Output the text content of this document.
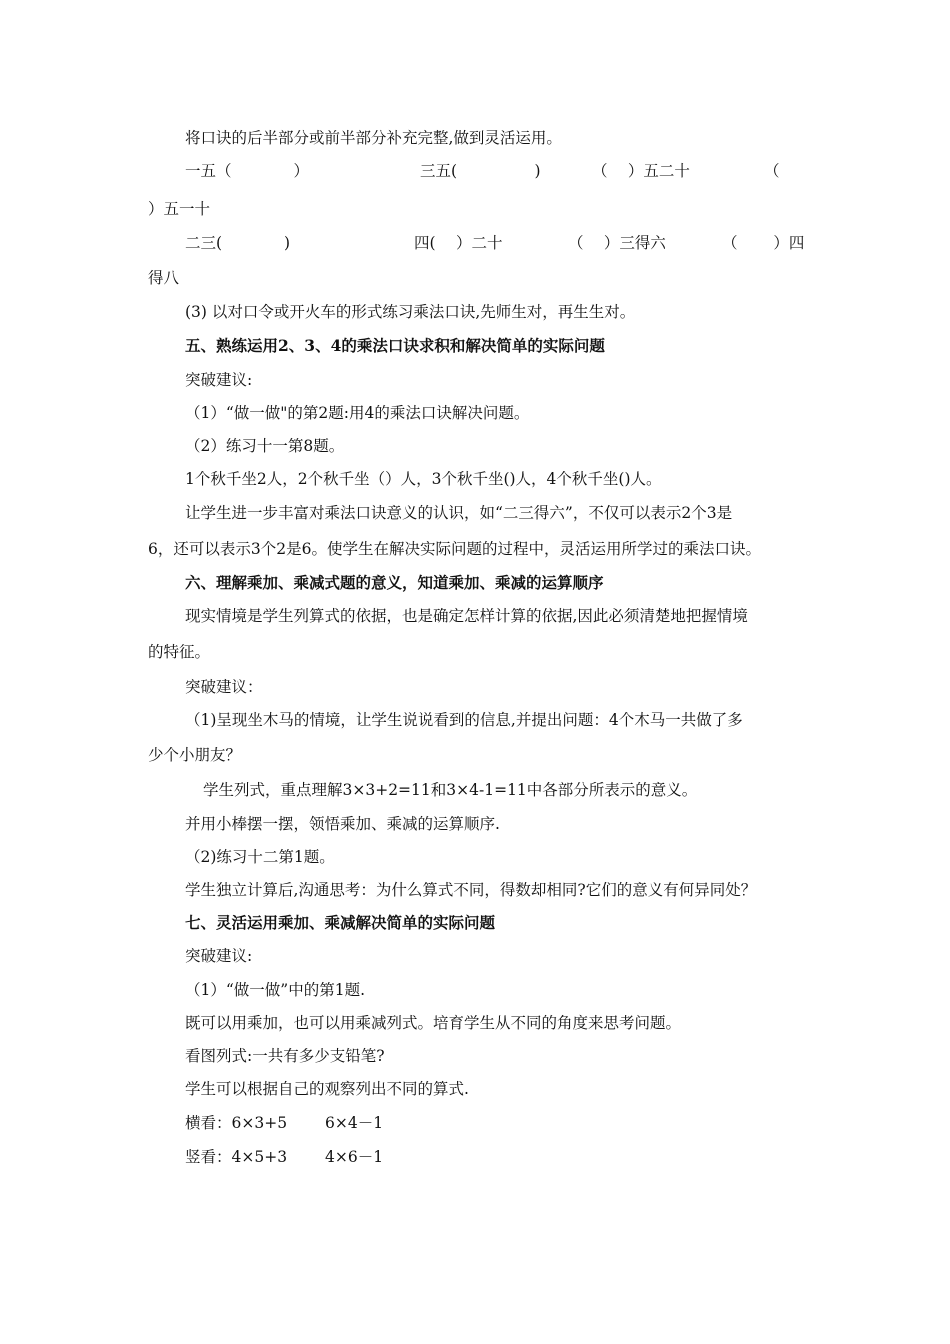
将口诀的后半部分或前半部分补充完整,做到灵活运用。
一五（　　　　）	三五(　　　　　)	（　 ）五二十	（
）五一十
二三(　　　　)	四(　 ）二十	（　 ）三得六	（　　 ）四
得八
(3) 以对口令或开火车的形式练习乘法口诀,先师生对，再生生对。
五、熟练运用2、3、4的乘法口诀求积和解决简单的实际问题
突破建议:
（1）“做一做"的第2题:用4的乘法口诀解决问题。
（2）练习十一第8题。
1个秋千坐2人，2个秋千坐（）人，3个秋千坐()人，4个秋千坐()人。
让学生进一步丰富对乘法口诀意义的认识，如“二三得六”，不仅可以表示2个3是
6，还可以表示3个2是6。使学生在解决实际问题的过程中，灵活运用所学过的乘法口诀。
六、理解乘加、乘减式题的意义，知道乘加、乘减的运算顺序
现实情境是学生列算式的依据，也是确定怎样计算的依据,因此必须清楚地把握情境
的特征。
突破建议：
（1)呈现坐木马的情境，让学生说说看到的信息,并提出问题：4个木马一共做了多
少个小朋友？
学生列式，重点理解3×3+2=11和3×4-1=11中各部分所表示的意义。
并用小棒摆一摆，领悟乘加、乘减的运算顺序.
（2)练习十二第1题。
学生独立计算后,沟通思考：为什么算式不同，得数却相同?它们的意义有何异同处？
七、灵活运用乘加、乘减解决简单的实际问题
突破建议:
（1）“做一做”中的第1题.
既可以用乘加，也可以用乘减列式。培育学生从不同的角度来思考问题。
看图列式:一共有多少支铅笔?
学生可以根据自己的观察列出不同的算式.
横看：6×3+5 6×4－1
竖看：4×5+3 4×6－1
